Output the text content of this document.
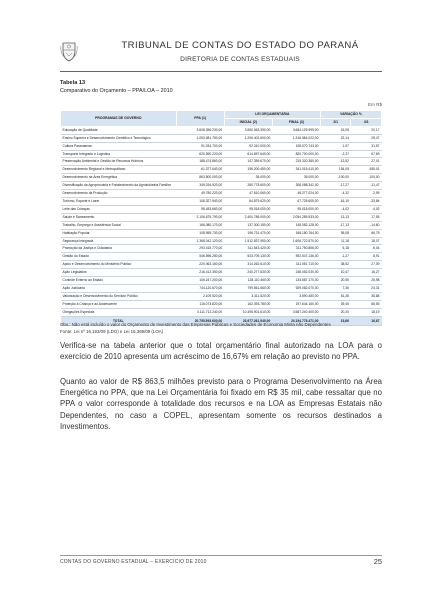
TRIBUNAL DE CONTAS DO ESTADO DO PARANÁ
DIRETORIA DE CONTAS ESTADUAIS
Tabela 13
Comparativo do Orçamento – PPA/LOA – 2010
Em R$
PROGRAMAS DE GOVERNO	PPA (1)	LEI ORÇAMENTÁRIA		VARIAÇÃO %	
		INICIAL (2)	FINAL (3)	2/1	3/1
Educação de Qualidade	3.608.356.230,00	3.550.063.390,00	3.684.125.995,00	15,05	20,17
Ensino Superior e Desenvolvimento Científico e Tecnológico	1.053.081.750,00	1.206.402.600,00	1.316.584.022,00	22,14	25,47
Cultura Paranaense	91.034.700,00	92.310.000,00	108.070.743,00	1,57	31,57
Transporte Integrado e Logística	620.590.220,00	614.657.640,00	820.700.000,00	-2,37	67,69
Preservação Ambiental e Gestão de Recursos Hídricos	188.474.860,00	147.359.670,00	215.320.380,00	-13,52	27,01
Desenvolvimento Regional e Metropolitano	61.377.640,00	156.200.450,00	341.015.410,00	154,05	455,01
Desenvolvimento na Área Energética	863.500.000,00	35.000,00	35.000,00	-100,00	-100,00
Diversificação da Agropecuária e Fortalecimento da Agroindústria Familiar	349.034.920,00	280.778.600,00	308.088.342,00	-17,27	-11,47
Desenvolvimento da Produção	49.780.220,00	47.610.060,00	48.277.024,00	-4,32	-2,99
Turismo, Esporte e Lazer	108.327.940,00	84.879.620,00	67.728.605,00	-16,19	-33,84
Leite das Crianças	98.453.660,00	95.018.000,00	95.018.000,00	-4,02	-4,02
Saúde e Saneamento	2.106.675.790,00	2.400.786.000,00	2.054.285.933,00	13,13	17,55
Trabalho, Emprego e Assistência Social	166.080.170,00	137.300.150,00	148.082.128,00	-17,13	-14,60
Habitação Popular	108.959.730,00	196.731.470,00	168.180.764,00	95,08	66,75
Segurança Integrada	1.368.042.120,00	1.512.837.950,00	1.606.722.570,00	11,18	18,07
Promoção da Justiça e Cidadania	293.415.770,00	311.543.420,00	311.750.856,00	6,18	6,04
Gestão do Estado	546.596.280,00	533.709.130,00	592.547.136,00	-1,27	8,91
Apoio e Desenvolvimento do Ministério Público	220.063.160,00	314.262.610,00	311.051.710,00	38,52	27,09
Ação Legislativa	216.412.350,00	240.277.630,00	248.052.030,00	10,47	16,27
Controle Externo ao Estado	106.247.200,00	128.110.460,00	134.687.170,00	20,55	26,98
Ação Judiciária	744.120.670,00	799.561.660,00	929.082.070,00	7,36	24,31
Valorização e Desenvolvimento do Servidor Público	2.109.520,00	3.311.520,00	3.590.480,00	51,28	38,88
Proteção à Criança e ao Adolescente	116.073.820,00	162.393.780,00	197.644.160,00	39,45	66,55
Obrigações Especiais	3.111.712.240,00	10.495.901.610,00	3.587.240.400,00	20,20	18,19
TOTAL	20.755.593.600,00	23.977.261.540,00	24.194.778.471,00	15,66	16,67
Obs.: Não está incluído o valor do Orçamento de Investimento das Empresas Públicas e Sociedades de Economia Mista não Dependentes
Fonte: Lei nº 16.193/09 (LDO) e Lei 16.369/09 (LOA)
Verifica-se na tabela anterior que o total orçamentário final autorizado na LOA para o exercício de 2010 apresenta um acréscimo de 16,67% em relação ao previsto no PPA.
Quanto ao valor de R$ 863,5 milhões previsto para o Programa Desenvolvimento na Área Energética no PPA, que na Lei Orçamentária foi fixado em R$ 35 mil, cabe ressaltar que no PPA o valor corresponde à totalidade dos recursos e na LOA as Empresas Estatais não Dependentes, no caso a COPEL, apresentam somente os recursos destinados a Investimentos.
CONTAS DO GOVERNO ESTADUAL – EXERCÍCIO DE 2010	25
